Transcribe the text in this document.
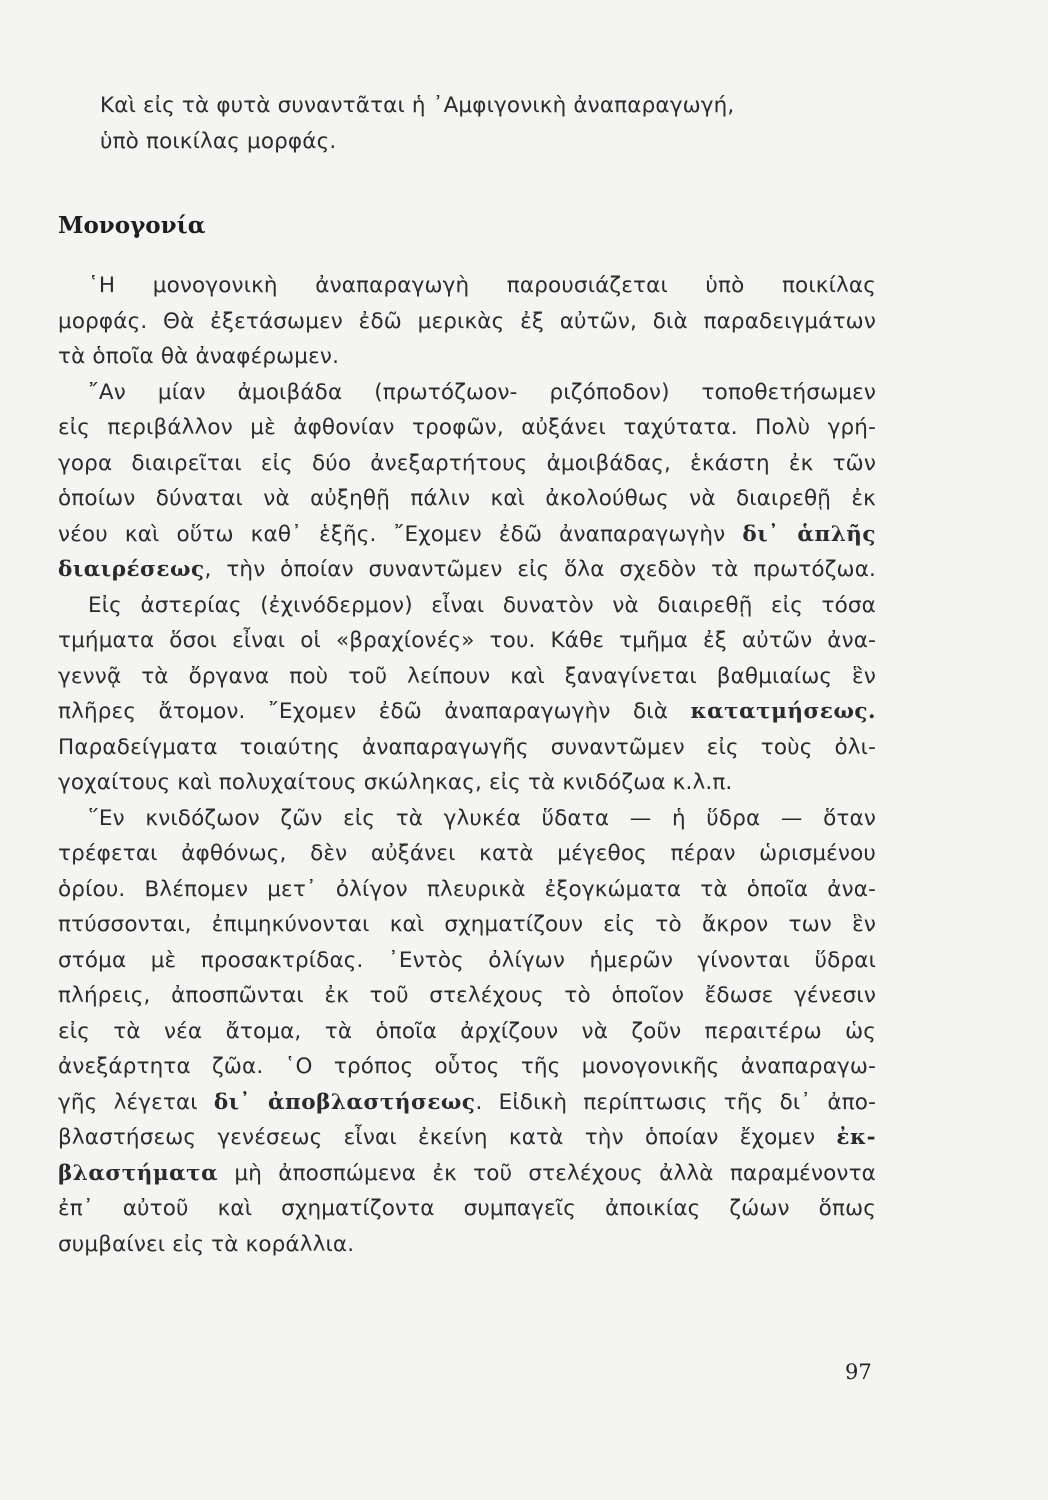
Καὶ εἰς τὰ φυτὰ συναντᾶται ἡ ᾿Αμφιγονικὴ ἀναπαραγωγή,
ὑπὸ ποικίλας μορφάς.
Μονογονία
῾Η μονογονικὴ ἀναπαραγωγὴ παρουσιάζεται ὑπὸ ποικίλας
μορφάς. Θὰ ἐξετάσωμεν ἐδῶ μερικὰς ἐξ αὐτῶν, διὰ παραδειγμάτων
τὰ ὁποῖα θὰ ἀναφέρωμεν.
῎Αν μίαν ἀμοιβάδα (πρωτόζωον- ριζόποδον) τοποθετήσωμεν
εἰς περιβάλλον μὲ ἀφθονίαν τροφῶν, αὐξάνει ταχύτατα. Πολὺ γρή-
γορα διαιρεῖται εἰς δύο ἀνεξαρτήτους ἀμοιβάδας, ἑκάστη ἐκ τῶν
ὁποίων δύναται νὰ αὐξηθῇ πάλιν καὶ ἀκολούθως νὰ διαιρεθῇ ἐκ
νέου καὶ οὕτω καθ᾿ ἑξῆς. ῎Εχομεν ἐδῶ ἀναπαραγωγὴν δι᾿ ἁπλῆς
διαιρέσεως, τὴν ὁποίαν συναντῶμεν εἰς ὅλα σχεδὸν τὰ πρωτόζωα.
Εἰς ἀστερίας (ἐχινόδερμον) εἶναι δυνατὸν νὰ διαιρεθῇ εἰς τόσα
τμήματα ὅσοι εἶναι οἱ «βραχίονές» του. Κάθε τμῆμα ἐξ αὐτῶν ἀνα-
γεννᾷ τὰ ὄργανα ποὺ τοῦ λείπουν καὶ ξαναγίνεται βαθμιαίως ἓν
πλῆρες ἄτομον. ῎Εχομεν ἐδῶ ἀναπαραγωγὴν διὰ κατατμήσεως.
Παραδείγματα τοιαύτης ἀναπαραγωγῆς συναντῶμεν εἰς τοὺς ὀλι-
γοχαίτους καὶ πολυχαίτους σκώληκας, εἰς τὰ κνιδόζωα κ.λ.π.
῞Εν κνιδόζωον ζῶν εἰς τὰ γλυκέα ὕδατα — ἡ ὕδρα — ὅταν
τρέφεται ἀφθόνως, δὲν αὐξάνει κατὰ μέγεθος πέραν ὡρισμένου
ὁρίου. Βλέπομεν μετ᾿ ὀλίγον πλευρικὰ ἐξογκώματα τὰ ὁποῖα ἀνα-
πτύσσονται, ἐπιμηκύνονται καὶ σχηματίζουν εἰς τὸ ἄκρον των ἓν
στόμα μὲ προσακτρίδας. ᾿Εντὸς ὀλίγων ἡμερῶν γίνονται ὕδραι
πλήρεις, ἀποσπῶνται ἐκ τοῦ στελέχους τὸ ὁποῖον ἔδωσε γένεσιν
εἰς τὰ νέα ἄτομα, τὰ ὁποῖα ἀρχίζουν νὰ ζοῦν περαιτέρω ὡς
ἀνεξάρτητα ζῶα. ῾Ο τρόπος οὗτος τῆς μονογονικῆς ἀναπαραγω-
γῆς λέγεται δι᾿ ἀποβλαστήσεως. Εἰδικὴ περίπτωσις τῆς δι᾿ ἀπο-
βλαστήσεως γενέσεως εἶναι ἐκείνη κατὰ τὴν ὁποίαν ἔχομεν ἐκ-
βλαστήματα μὴ ἀποσπώμενα ἐκ τοῦ στελέχους ἀλλὰ παραμένοντα
ἐπ᾿ αὐτοῦ καὶ σχηματίζοντα συμπαγεῖς ἀποικίας ζώων ὅπως
συμβαίνει εἰς τὰ κοράλλια.
97
